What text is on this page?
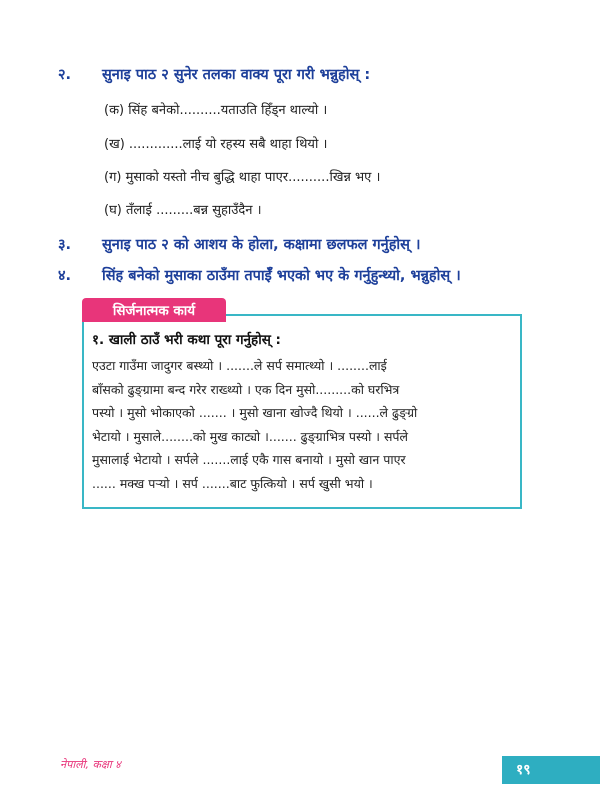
२.	सुनाइ पाठ २ सुनेर तलका वाक्य पूरा गरी भन्नुहोस् :
(क) सिंह बनेको..........यताउति हिँड्न थाल्यो ।
(ख) .............लाई यो रहस्य सबै थाहा थियो ।
(ग) मुसाको यस्तो नीच बुद्धि थाहा पाएर..........खिन्न भए ।
(घ) तँलाई .........बन्न सुहाउँदैन ।
३.	सुनाइ पाठ २ को आशय के होला, कक्षामा छलफल गर्नुहोस् ।
४.	सिंह बनेको मुसाका ठाउँमा तपाईँ भएको भए के गर्नुहुन्थ्यो, भन्नुहोस् ।
सिर्जनात्मक कार्य
१. खाली ठाउँ भरी कथा पूरा गर्नुहोस् :
एउटा गाउँमा जादुगर बस्थ्यो । .......ले सर्प समात्थ्यो । ........लाई
बाँसको ढुङ्ग्रामा बन्द गरेर राख्थ्यो । एक दिन मुसो.........को घरभित्र
पस्यो । मुसो भोकाएको ....... । मुसो खाना खोज्दै थियो । ......ले ढुङ्ग्रो
भेटायो । मुसाले........को मुख काट्यो ।....... ढुङ्ग्राभित्र पस्यो । सर्पले
मुसालाई भेटायो । सर्पले .......लाई एकै गास बनायो । मुसो खान पाएर
...... मक्ख पर्‍यो । सर्प .......बाट फुत्कियो । सर्प खुसी भयो ।
नेपाली, कक्षा ४	१९
